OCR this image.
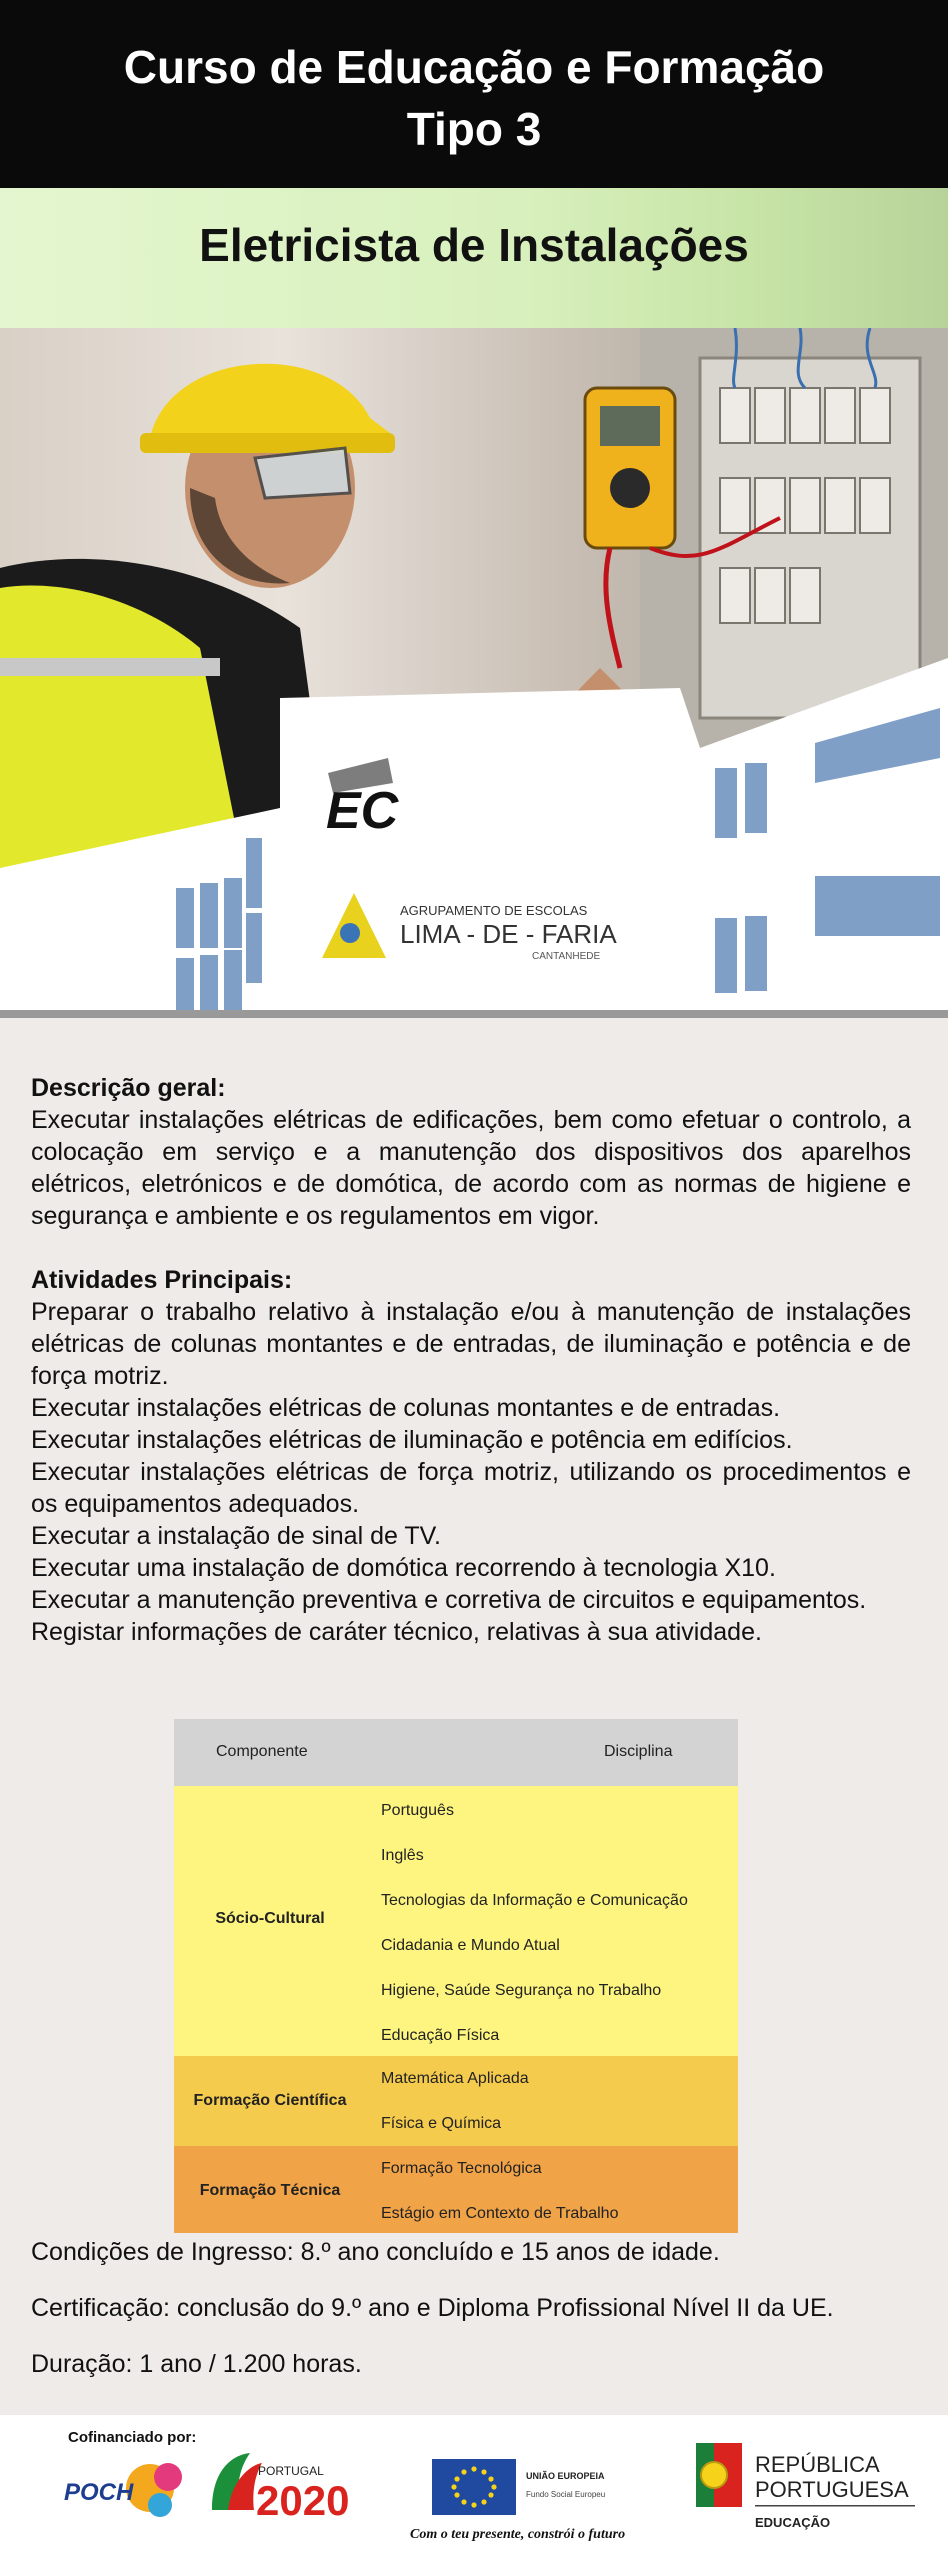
Curso de Educação e Formação
Tipo 3
Eletricista de Instalações
EC
AGRUPAMENTO DE ESCOLAS
LIMA - DE - FARIA
CANTANHEDE

Descrição geral:

Executar instalações elétricas de edificações, bem como efetuar o controlo, a colocação em serviço e a manutenção dos dispositivos dos aparelhos elétricos, eletrónicos e de domótica, de acordo com as normas de higiene e segurança e ambiente e os regulamentos em vigor.

Atividades Principais:

Preparar o trabalho relativo à instalação e/ou à manutenção de instalações elétricas de colunas montantes e de entradas, de iluminação e potência e de força motriz.

Executar instalações elétricas de colunas montantes e de entradas.

Executar instalações elétricas de iluminação e potência em edifícios.

Executar instalações elétricas de força motriz, utilizando os procedimentos e os equipamentos adequados.

Executar a instalação de sinal de TV.

Executar uma instalação de domótica recorrendo à tecnologia X10.

Executar a manutenção preventiva e corretiva de circuitos e equipamentos.

Registar informações de caráter técnico, relativas à sua atividade.

Componente	Disciplina
Sócio-Cultural
Português
Inglês
Tecnologias da Informação e Comunicação
Cidadania e Mundo Atual
Higiene, Saúde Segurança no Trabalho
Educação Física
Formação Científica
Matemática Aplicada
Física e Química
Formação Técnica
Formação Tecnológica
Estágio em Contexto de Trabalho
Condições de Ingresso: 8.º ano concluído e 15 anos de idade.
Certificação: conclusão do 9.º ano e Diploma Profissional Nível II da UE.
Duração: 1 ano / 1.200 horas.
Cofinanciado por:
POCH
PORTUGAL
2020
UNIÃO EUROPEIA
Fundo Social Europeu
REPÚBLICA
PORTUGUESA
EDUCAÇÃO
Com o teu presente, constrói o futuro
